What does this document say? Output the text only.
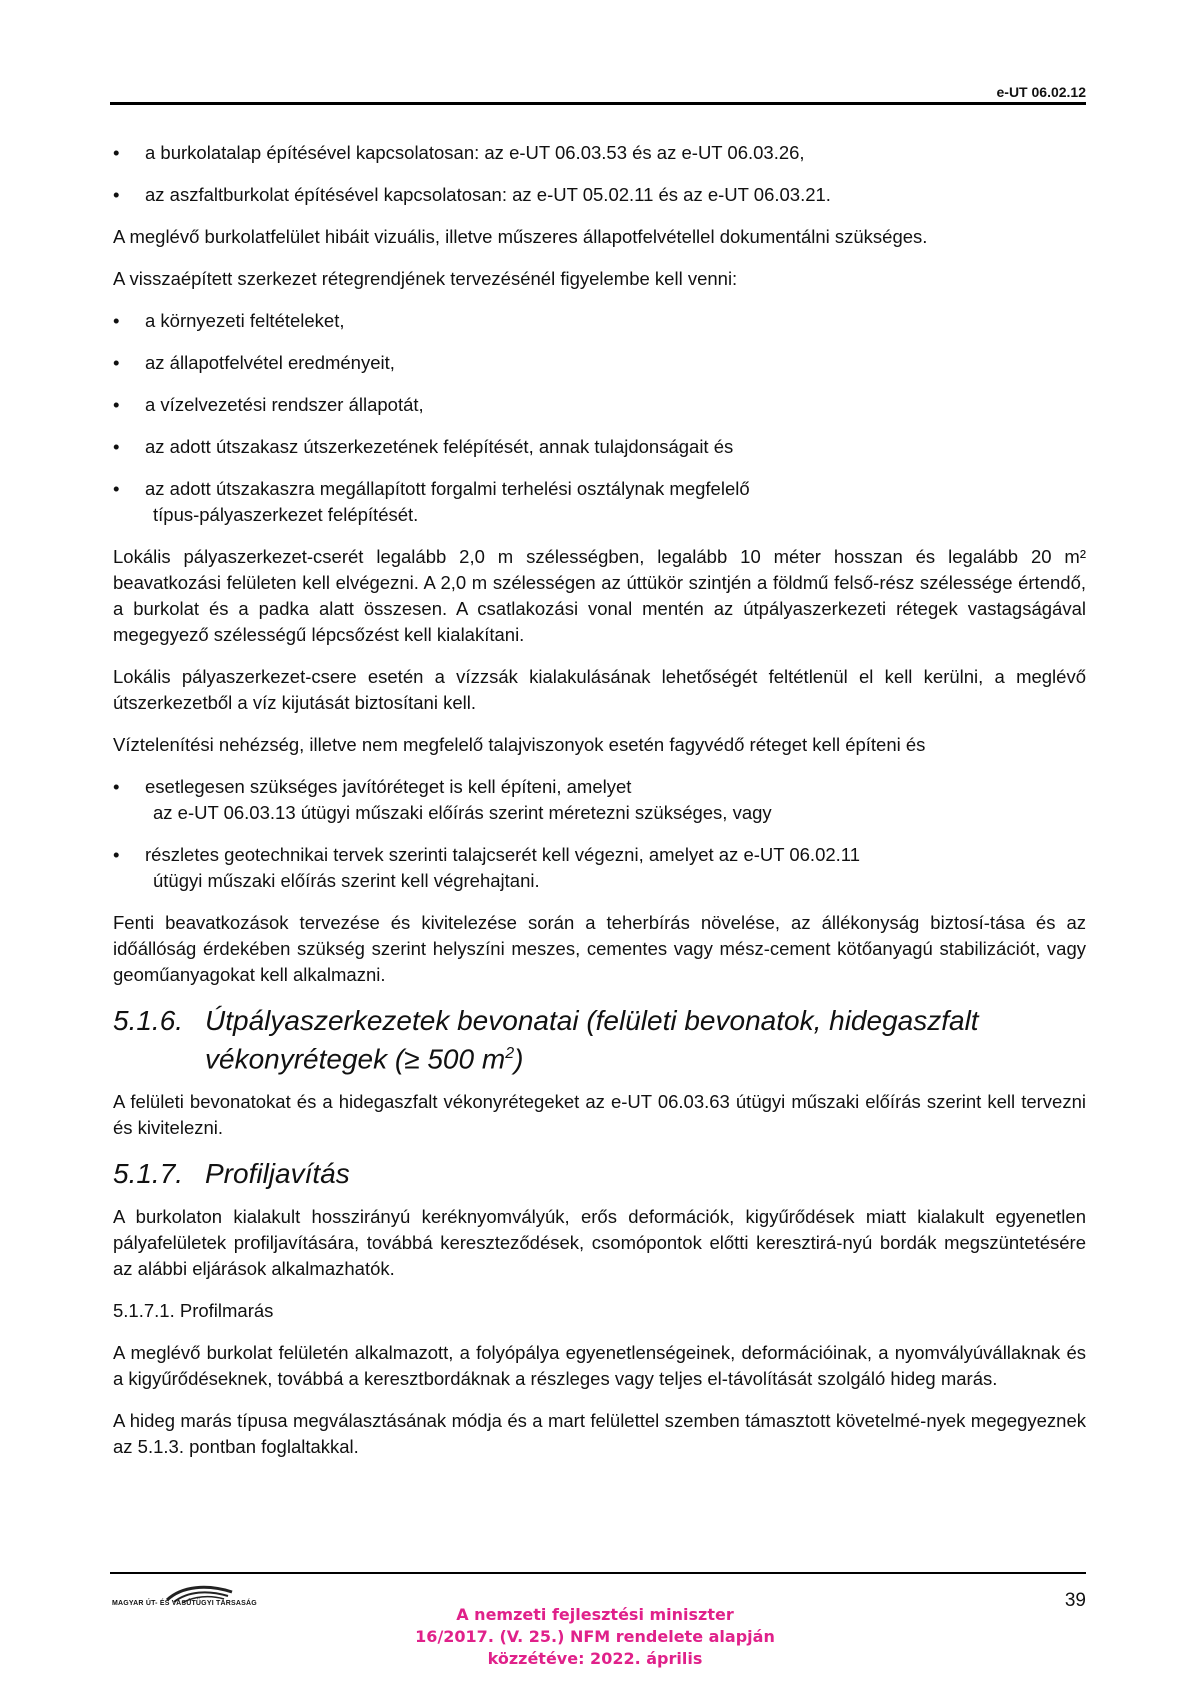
e-UT 06.02.12
•	a burkolatalap építésével kapcsolatosan: az e-UT 06.03.53 és az e-UT 06.03.26,
•	az aszfaltburkolat építésével kapcsolatosan: az e-UT 05.02.11 és az e-UT 06.03.21.

A meglévő burkolatfelület hibáit vizuális, illetve műszeres állapotfelvétellel dokumentálni szükséges.

A visszaépített szerkezet rétegrendjének tervezésénél figyelembe kell venni:

•	a környezeti feltételeket,
•	az állapotfelvétel eredményeit,
•	a vízelvezetési rendszer állapotát,
•	az adott útszakasz útszerkezetének felépítését, annak tulajdonságait és
•	az adott útszakaszra megállapított forgalmi terhelési osztálynak megfelelő
típus-pályaszerkezet felépítését.

Lokális pályaszerkezet-cserét legalább 2,0 m szélességben, legalább 10 méter hosszan és legalább 20 m² beavatkozási felületen kell elvégezni. A 2,0 m szélességen az úttükör szintjén a földmű felső-rész szélessége értendő, a burkolat és a padka alatt összesen. A csatlakozási vonal mentén az útpályaszerkezeti rétegek vastagságával megegyező szélességű lépcsőzést kell kialakítani.

Lokális pályaszerkezet-csere esetén a vízzsák kialakulásának lehetőségét feltétlenül el kell kerülni, a meglévő útszerkezetből a víz kijutását biztosítani kell.

Víztelenítési nehézség, illetve nem megfelelő talajviszonyok esetén fagyvédő réteget kell építeni és

•	esetlegesen szükséges javítóréteget is kell építeni, amelyet
az e-UT 06.03.13 útügyi műszaki előírás szerint méretezni szükséges, vagy
•	részletes geotechnikai tervek szerinti talajcserét kell végezni, amelyet az e-UT 06.02.11
útügyi műszaki előírás szerint kell végrehajtani.

Fenti beavatkozások tervezése és kivitelezése során a teherbírás növelése, az állékonyság biztosí-tása és az időállóság érdekében szükség szerint helyszíni meszes, cementes vagy mész-cement kötőanyagú stabilizációt, vagy geoműanyagokat kell alkalmazni.

5.1.6. Útpályaszerkezetek bevonatai (felületi bevonatok, hidegaszfalt
vékonyrétegek (≥ 500 $m^2$)

A felületi bevonatokat és a hidegaszfalt vékonyrétegeket az e-UT 06.03.63 útügyi műszaki előírás szerint kell tervezni és kivitelezni.

5.1.7. Profiljavítás

A burkolaton kialakult hosszirányú keréknyomvályúk, erős deformációk, kigyűrődések miatt kialakult egyenetlen pályafelületek profiljavítására, továbbá kereszteződések, csomópontok előtti keresztirá-nyú bordák megszüntetésére az alábbi eljárások alkalmazhatók.

5.1.7.1. Profilmarás

A meglévő burkolat felületén alkalmazott, a folyópálya egyenetlenségeinek, deformációinak, a nyomvályúvállaknak és a kigyűrődéseknek, továbbá a keresztbordáknak a részleges vagy teljes el-távolítását szolgáló hideg marás.

A hideg marás típusa megválasztásának módja és a mart felülettel szemben támasztott követelmé-nyek megegyeznek az 5.1.3. pontban foglaltakkal.

MAGYAR ÚT- ÉS VASÚTÜGYI TÁRSASÁG	39
A nemzeti fejlesztési miniszter
16/2017. (V. 25.) NFM rendelete alapján
közzétéve: 2022. április
